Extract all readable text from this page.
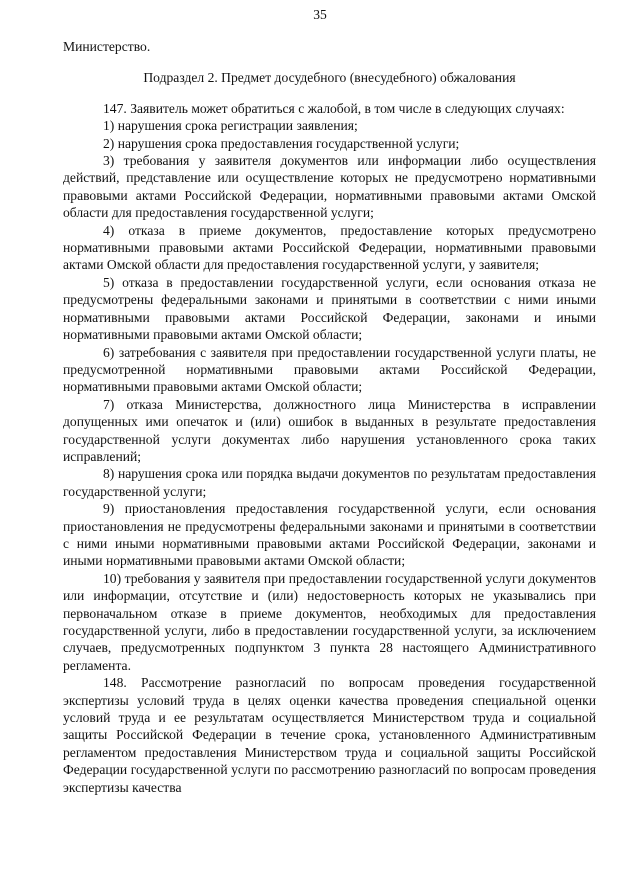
35

Министерство.

Подраздел 2. Предмет досудебного (внесудебного) обжалования

147. Заявитель может обратиться с жалобой, в том числе в следующих случаях:

1) нарушения срока регистрации заявления;

2) нарушения срока предоставления государственной услуги;

3) требования у заявителя документов или информации либо осуществления действий, представление или осуществление которых не предусмотрено нормативными правовыми актами Российской Федерации, нормативными правовыми актами Омской области для предоставления государственной услуги;

4) отказа в приеме документов, предоставление которых предусмотрено нормативными правовыми актами Российской Федерации, нормативными правовыми актами Омской области для предоставления государственной услуги, у заявителя;

5) отказа в предоставлении государственной услуги, если основания отказа не предусмотрены федеральными законами и принятыми в соответствии с ними иными нормативными правовыми актами Российской Федерации, законами и иными нормативными правовыми актами Омской области;

6) затребования с заявителя при предоставлении государственной услуги платы, не предусмотренной нормативными правовыми актами Российской Федерации, нормативными правовыми актами Омской области;

7) отказа Министерства, должностного лица Министерства в исправлении допущенных ими опечаток и (или) ошибок в выданных в результате предоставления государственной услуги документах либо нарушения установленного срока таких исправлений;

8) нарушения срока или порядка выдачи документов по результатам предоставления государственной услуги;

9) приостановления предоставления государственной услуги, если основания приостановления не предусмотрены федеральными законами и принятыми в соответствии с ними иными нормативными правовыми актами Российской Федерации, законами и иными нормативными правовыми актами Омской области;

10) требования у заявителя при предоставлении государственной услуги документов или информации, отсутствие и (или) недостоверность которых не указывались при первоначальном отказе в приеме документов, необходимых для предоставления государственной услуги, либо в предоставлении государственной услуги, за исключением случаев, предусмотренных подпунктом 3 пункта 28 настоящего Административного регламента.

148. Рассмотрение разногласий по вопросам проведения государственной экспертизы условий труда в целях оценки качества проведения специальной оценки условий труда и ее результатам осуществляется Министерством труда и социальной защиты Российской Федерации в течение срока, установленного Административным регламентом предоставления Министерством труда и социальной защиты Российской Федерации государственной услуги по рассмотрению разногласий по вопросам проведения экспертизы качества
